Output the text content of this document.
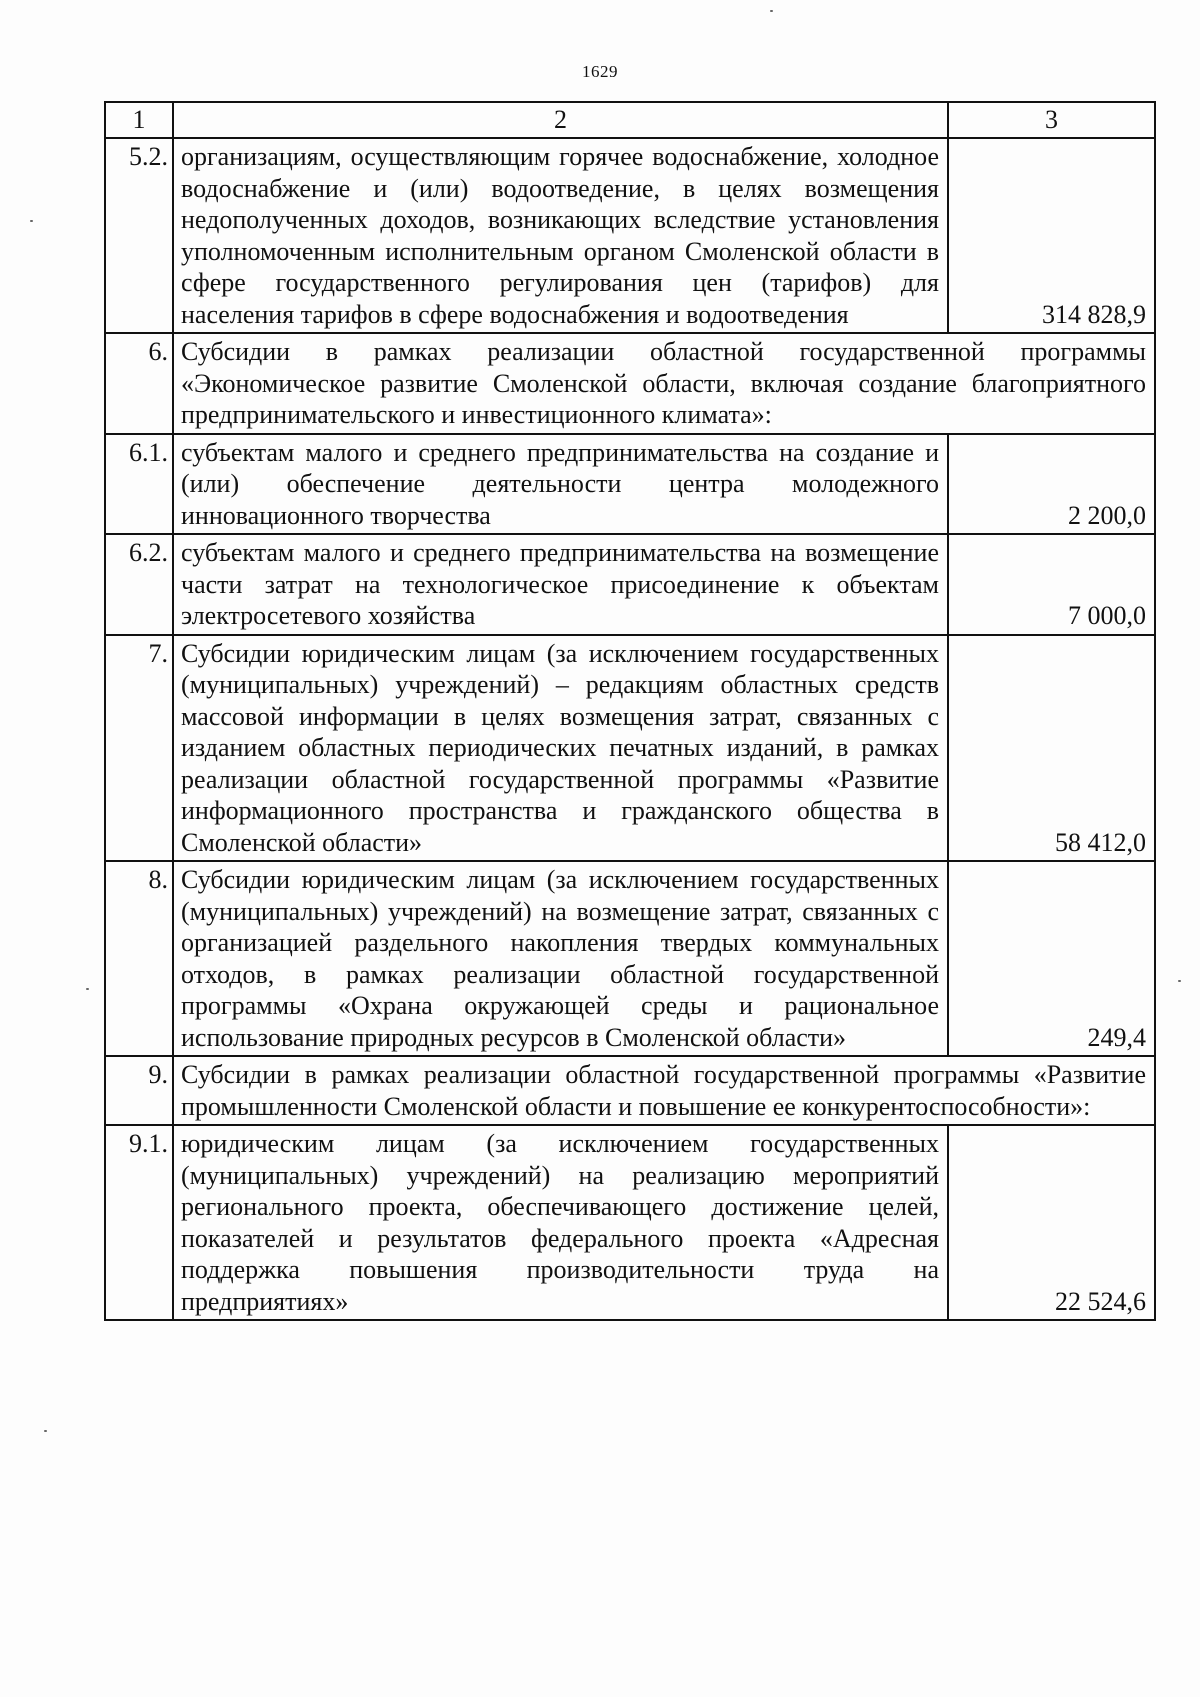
1629
1	2	3
5.2.	организациям, осуществляющим горячее водоснабжение, холодное водоснабжение и (или) водоотведение, в целях возмещения недополученных доходов, возникающих вследствие установления уполномоченным исполнительным органом Смоленской области в сфере государственного регулирования цен (тарифов) для населения тарифов в сфере водоснабжения и водоотведения	314 828,9
6.	Субсидии в рамках реализации областной государственной программы «Экономическое развитие Смоленской области, включая создание благоприятного предпринимательского и инвестиционного климата»:	
6.1.	субъектам малого и среднего предпринимательства на создание и (или) обеспечение деятельности центра молодежного инновационного творчества	2 200,0
6.2.	субъектам малого и среднего предпринимательства на возмещение части затрат на технологическое присоединение к объектам электросетевого хозяйства	7 000,0
7.	Субсидии юридическим лицам (за исключением государственных (муниципальных) учреждений) – редакциям областных средств массовой информации в целях возмещения затрат, связанных с изданием областных периодических печатных изданий, в рамках реализации областной государственной программы «Развитие информационного пространства и гражданского общества в Смоленской области»	58 412,0
8.	Субсидии юридическим лицам (за исключением государственных (муниципальных) учреждений) на возмещение затрат, связанных с организацией раздельного накопления твердых коммунальных отходов, в рамках реализации областной государственной программы «Охрана окружающей среды и рациональное использование природных ресурсов в Смоленской области»	249,4
9.	Субсидии в рамках реализации областной государственной программы «Развитие промышленности Смоленской области и повышение ее конкурентоспособности»:	
9.1.	юридическим лицам (за исключением государственных (муниципальных) учреждений) на реализацию мероприятий регионального проекта, обеспечивающего достижение целей, показателей и результатов федерального проекта «Адресная поддержка повышения производительности труда на предприятиях»	22 524,6
